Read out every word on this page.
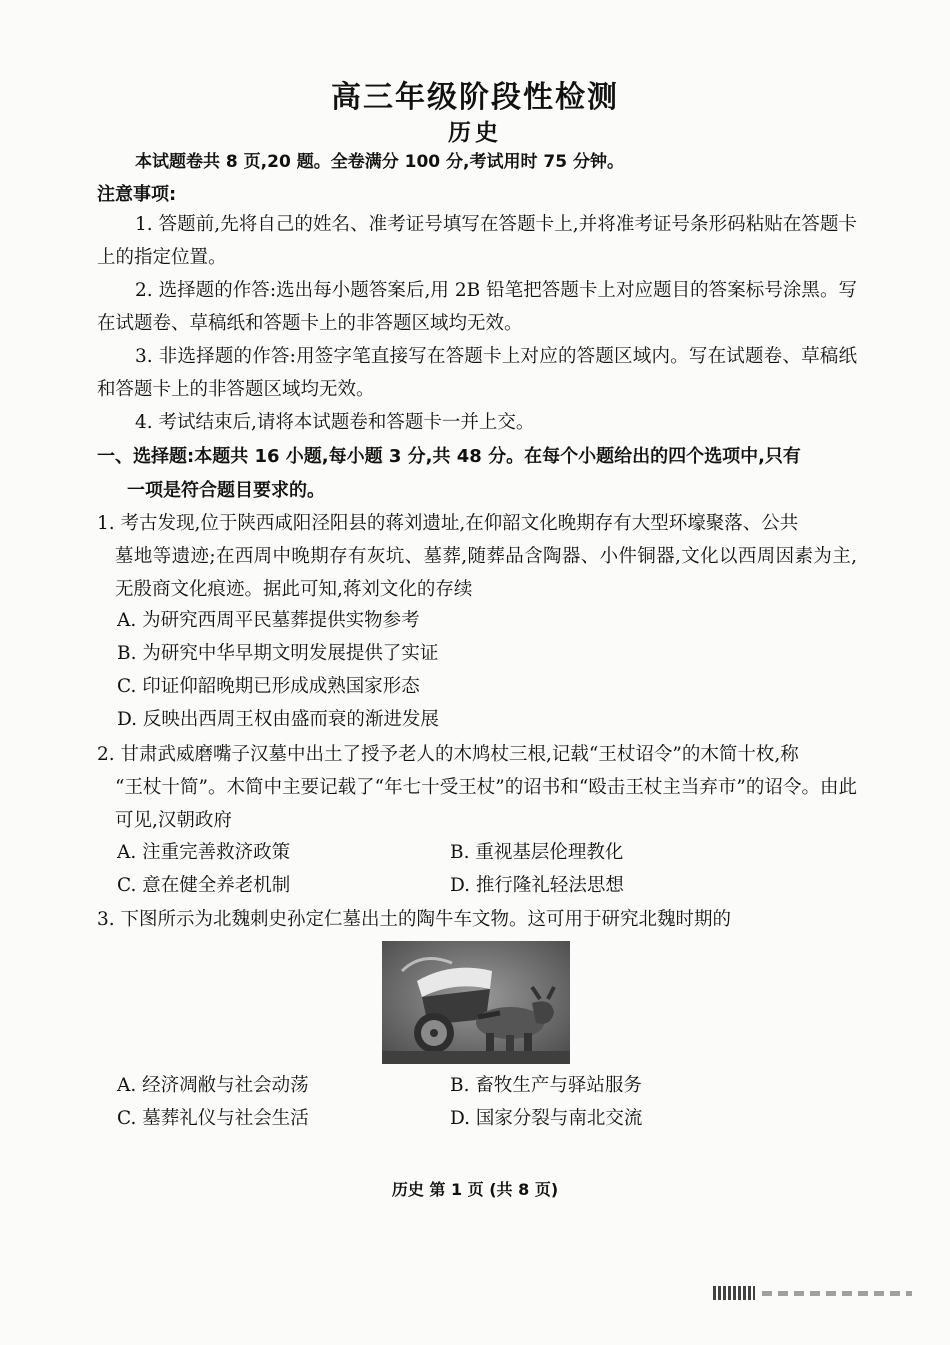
高三年级阶段性检测
历史
本试题卷共 8 页,20 题。全卷满分 100 分,考试用时 75 分钟。
注意事项:
1. 答题前,先将自己的姓名、准考证号填写在答题卡上,并将准考证号条形码粘贴在答题卡上的指定位置。
2. 选择题的作答:选出每小题答案后,用 2B 铅笔把答题卡上对应题目的答案标号涂黑。写在试题卷、草稿纸和答题卡上的非答题区域均无效。
3. 非选择题的作答:用签字笔直接写在答题卡上对应的答题区域内。写在试题卷、草稿纸和答题卡上的非答题区域均无效。
4. 考试结束后,请将本试题卷和答题卡一并上交。
一、选择题:本题共 16 小题,每小题 3 分,共 48 分。在每个小题给出的四个选项中,只有
一项是符合题目要求的。
1. 考古发现,位于陕西咸阳泾阳县的蒋刘遗址,在仰韶文化晚期存有大型环壕聚落、公共
墓地等遗迹;在西周中晚期存有灰坑、墓葬,随葬品含陶器、小件铜器,文化以西周因素为主,无殷商文化痕迹。据此可知,蒋刘文化的存续
A. 为研究西周平民墓葬提供实物参考
B. 为研究中华早期文明发展提供了实证
C. 印证仰韶晚期已形成成熟国家形态
D. 反映出西周王权由盛而衰的渐进发展
2. 甘肃武威磨嘴子汉墓中出土了授予老人的木鸠杖三根,记载“王杖诏令”的木简十枚,称
“王杖十简”。木简中主要记载了“年七十受王杖”的诏书和“殴击王杖主当弃市”的诏令。由此可见,汉朝政府
A. 注重完善救济政策	B. 重视基层伦理教化
C. 意在健全养老机制	D. 推行隆礼轻法思想
3. 下图所示为北魏刺史孙定仁墓出土的陶牛车文物。这可用于研究北魏时期的
A. 经济凋敝与社会动荡	B. 畜牧生产与驿站服务
C. 墓葬礼仪与社会生活	D. 国家分裂与南北交流
历史 第 1 页 (共 8 页)
